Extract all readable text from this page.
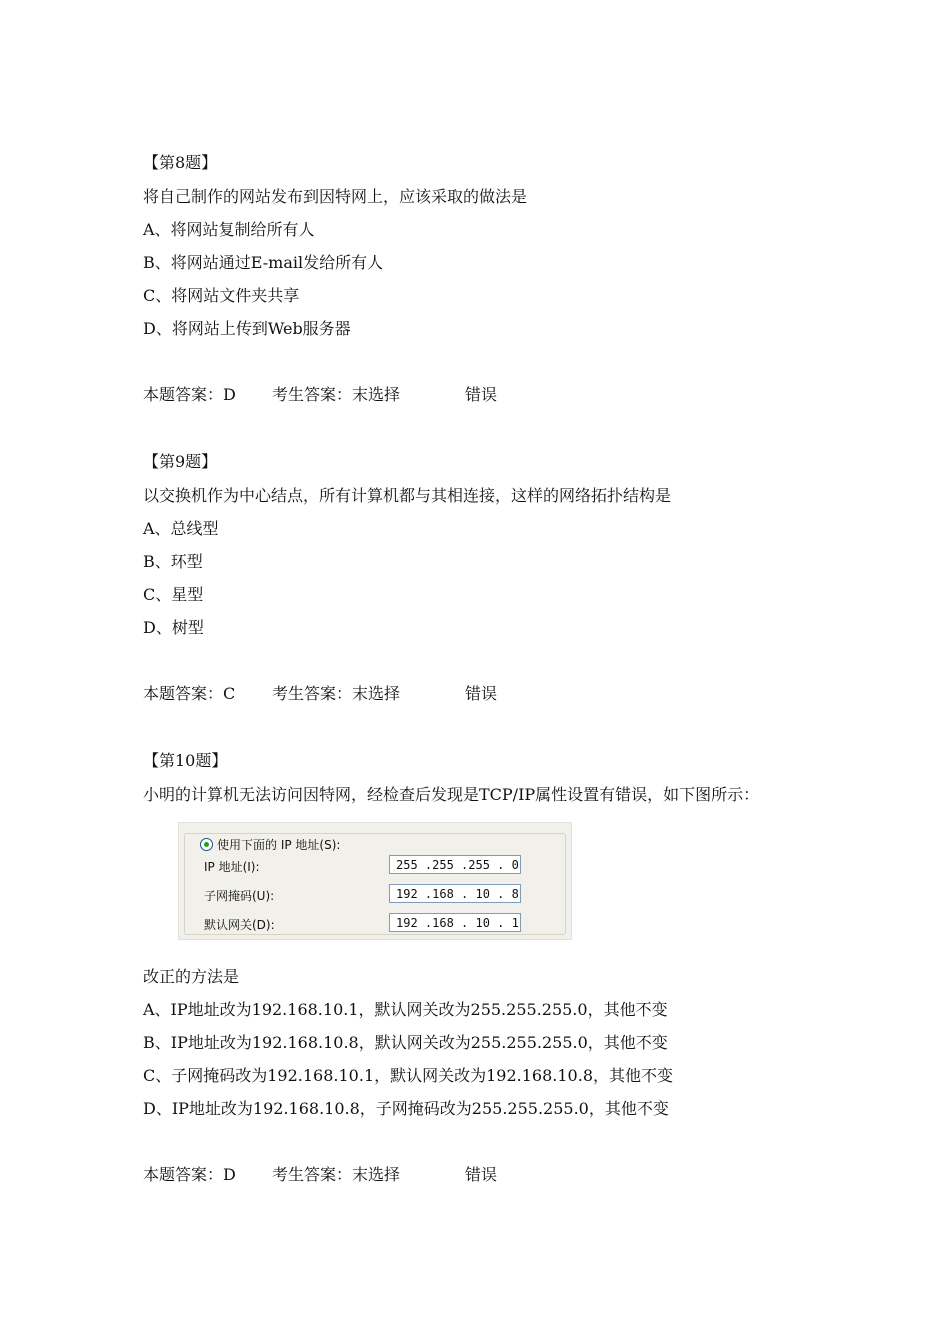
【第8题】
将自己制作的网站发布到因特网上，应该采取的做法是
A、将网站复制给所有人
B、将网站通过E-mail发给所有人
C、将网站文件夹共享
D、将网站上传到Web服务器
本题答案：D 考生答案：末选择	错误
【第9题】
以交换机作为中心结点，所有计算机都与其相连接，这样的网络拓扑结构是
A、总线型
B、环型
C、星型
D、树型
本题答案：C 考生答案：末选择	错误
【第10题】
小明的计算机无法访问因特网，经检查后发现是TCP/IP属性设置有错误，如下图所示：
使用下面的 IP 地址(S):
IP 地址(I):	255 .255 .255 . 0
子网掩码(U):	192 .168 . 10 . 8
默认网关(D):	192 .168 . 10 . 1
改正的方法是
A、IP地址改为192.168.10.1，默认网关改为255.255.255.0，其他不变
B、IP地址改为192.168.10.8，默认网关改为255.255.255.0，其他不变
C、子网掩码改为192.168.10.1，默认网关改为192.168.10.8，其他不变
D、IP地址改为192.168.10.8，子网掩码改为255.255.255.0，其他不变
本题答案：D 考生答案：末选择	错误
